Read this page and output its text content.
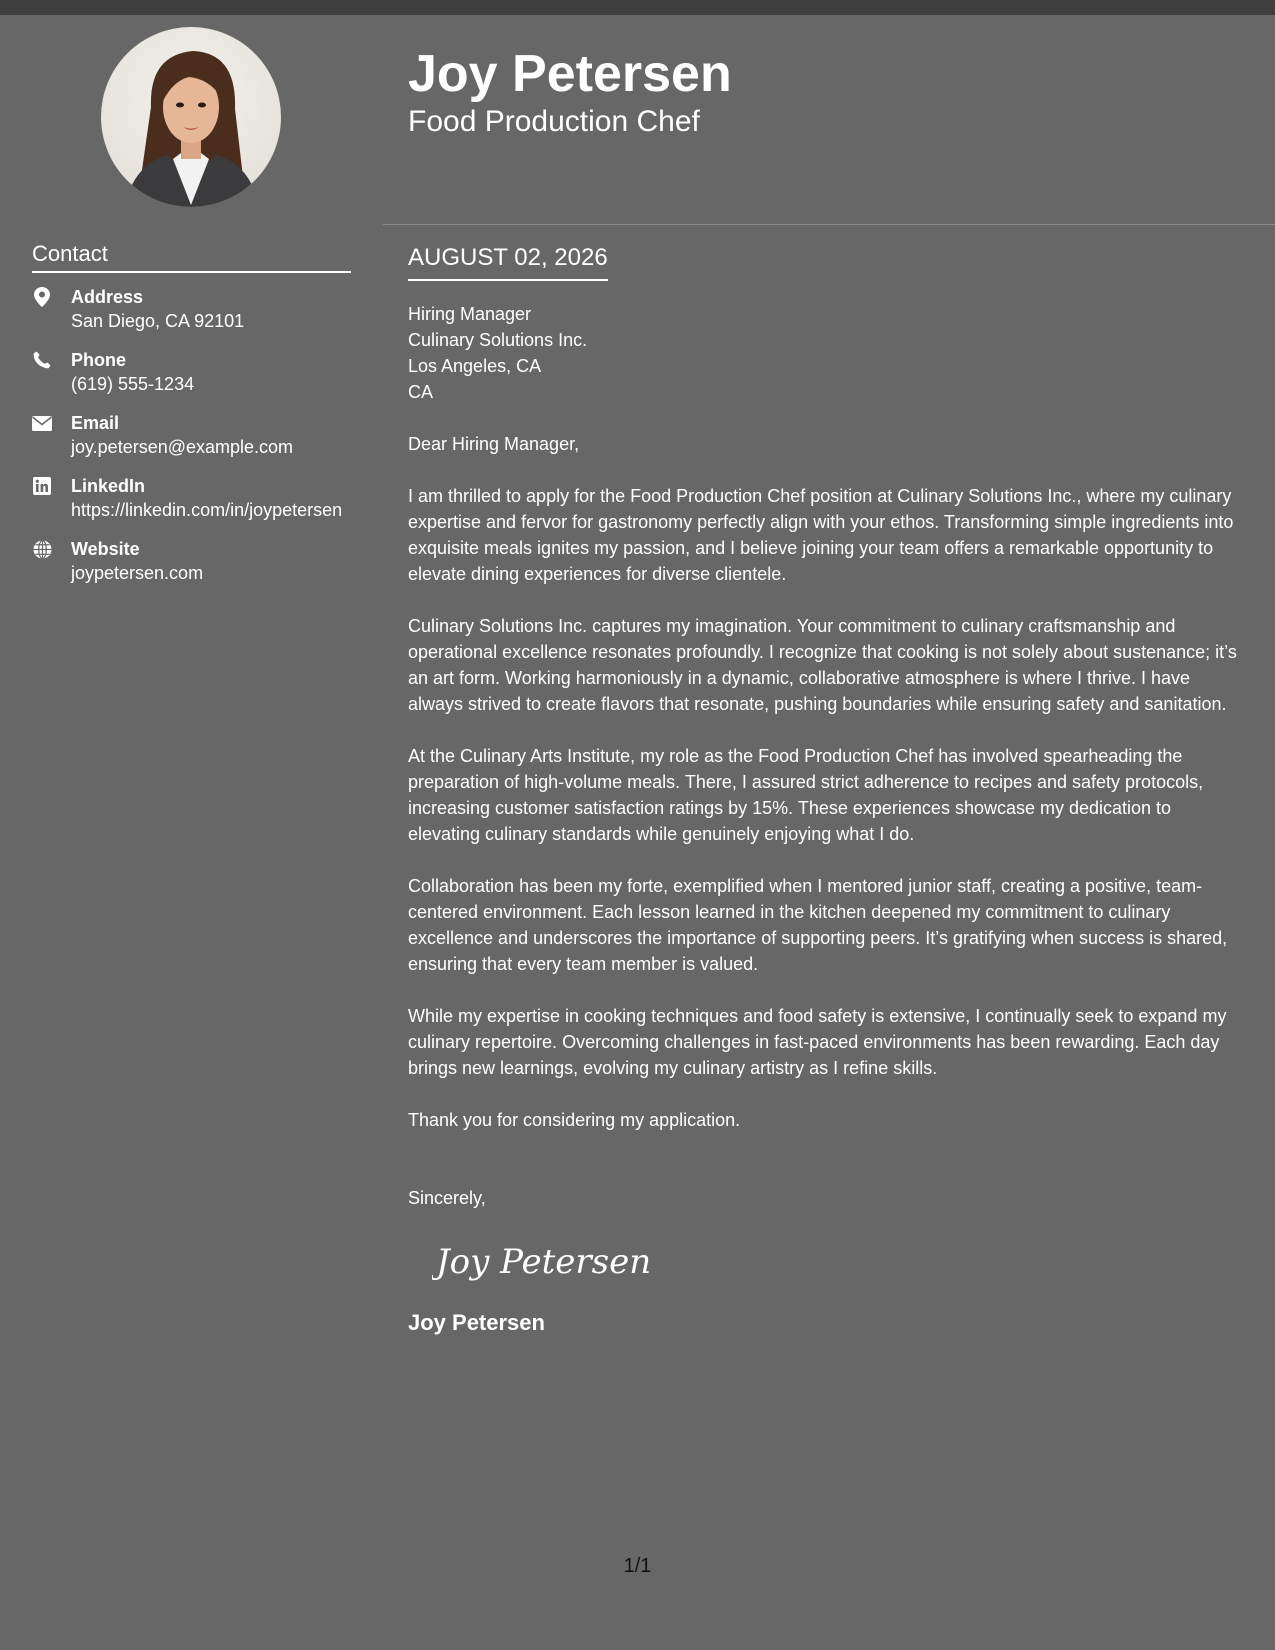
Contact
Address
San Diego, CA 92101
Phone
(619) 555-1234
Email
joy.petersen@example.com
LinkedIn
https://linkedin.com/in/joypetersen
Website
joypetersen.com
Joy Petersen
Food Production Chef
AUGUST 02, 2026
Hiring Manager
Culinary Solutions Inc.
Los Angeles, CA
CA

Dear Hiring Manager,

I am thrilled to apply for the Food Production Chef position at Culinary Solutions Inc., where my culinary expertise and fervor for gastronomy perfectly align with your ethos. Transforming simple ingredients into exquisite meals ignites my passion, and I believe joining your team offers a remarkable opportunity to elevate dining experiences for diverse clientele.

Culinary Solutions Inc. captures my imagination. Your commitment to culinary craftsmanship and operational excellence resonates profoundly. I recognize that cooking is not solely about sustenance; it’s an art form. Working harmoniously in a dynamic, collaborative atmosphere is where I thrive. I have always strived to create flavors that resonate, pushing boundaries while ensuring safety and sanitation.

At the Culinary Arts Institute, my role as the Food Production Chef has involved spearheading the preparation of high-volume meals. There, I assured strict adherence to recipes and safety protocols, increasing customer satisfaction ratings by 15%. These experiences showcase my dedication to elevating culinary standards while genuinely enjoying what I do.

Collaboration has been my forte, exemplified when I mentored junior staff, creating a positive, team-centered environment. Each lesson learned in the kitchen deepened my commitment to culinary excellence and underscores the importance of supporting peers. It’s gratifying when success is shared, ensuring that every team member is valued.

While my expertise in cooking techniques and food safety is extensive, I continually seek to expand my culinary repertoire. Overcoming challenges in fast-paced environments has been rewarding. Each day brings new learnings, evolving my culinary artistry as I refine skills.

Thank you for considering my application.

Sincerely,

Joy Petersen
Joy Petersen
1/1
